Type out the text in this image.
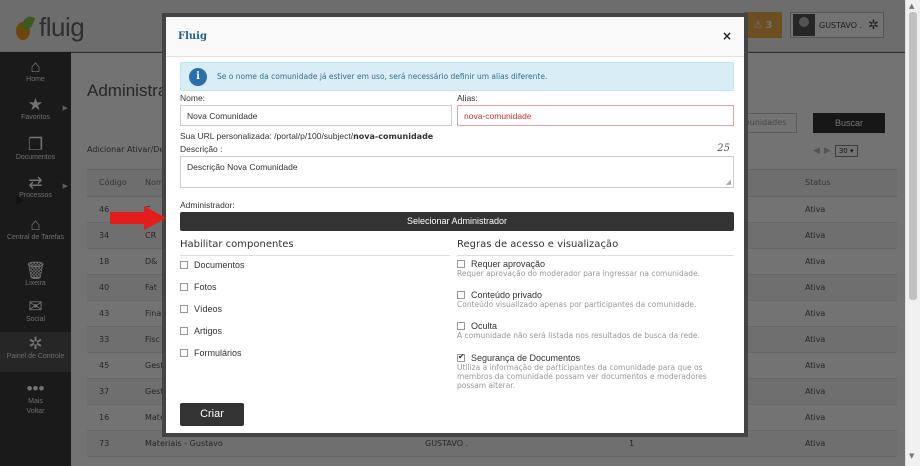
▲
▼
Fluig	×
i	Se o nome da comunidade já estiver em uso, será necessário definir um alias diferente.
Nome:
Nova Comunidade
Alias:
nova-comunidade
Sua URL personalizada: /portal/p/100/subject/nova-comunidade
Descrição :	25
Descrição Nova Comunidade
◢
Administrador:
Selecionar Administrador
Habilitar componentes
Documentos
Fotos
Vídeos
Artigos
Formulários
Regras de acesso e visualização
Requer aprovação
Requer aprovação do moderador para ingressar na comunidade.
Conteúdo privado
Conteúdo visualizado apenas por participantes da comunidade.
Oculta
A comunidade não será listada nos resultados de busca da rede.
✔
Segurança de Documentos
Utiliza a informação de participantes da comunidade para que os
membros da comunidade possam ver documentos e moderadores
possam alterar.
Criar
